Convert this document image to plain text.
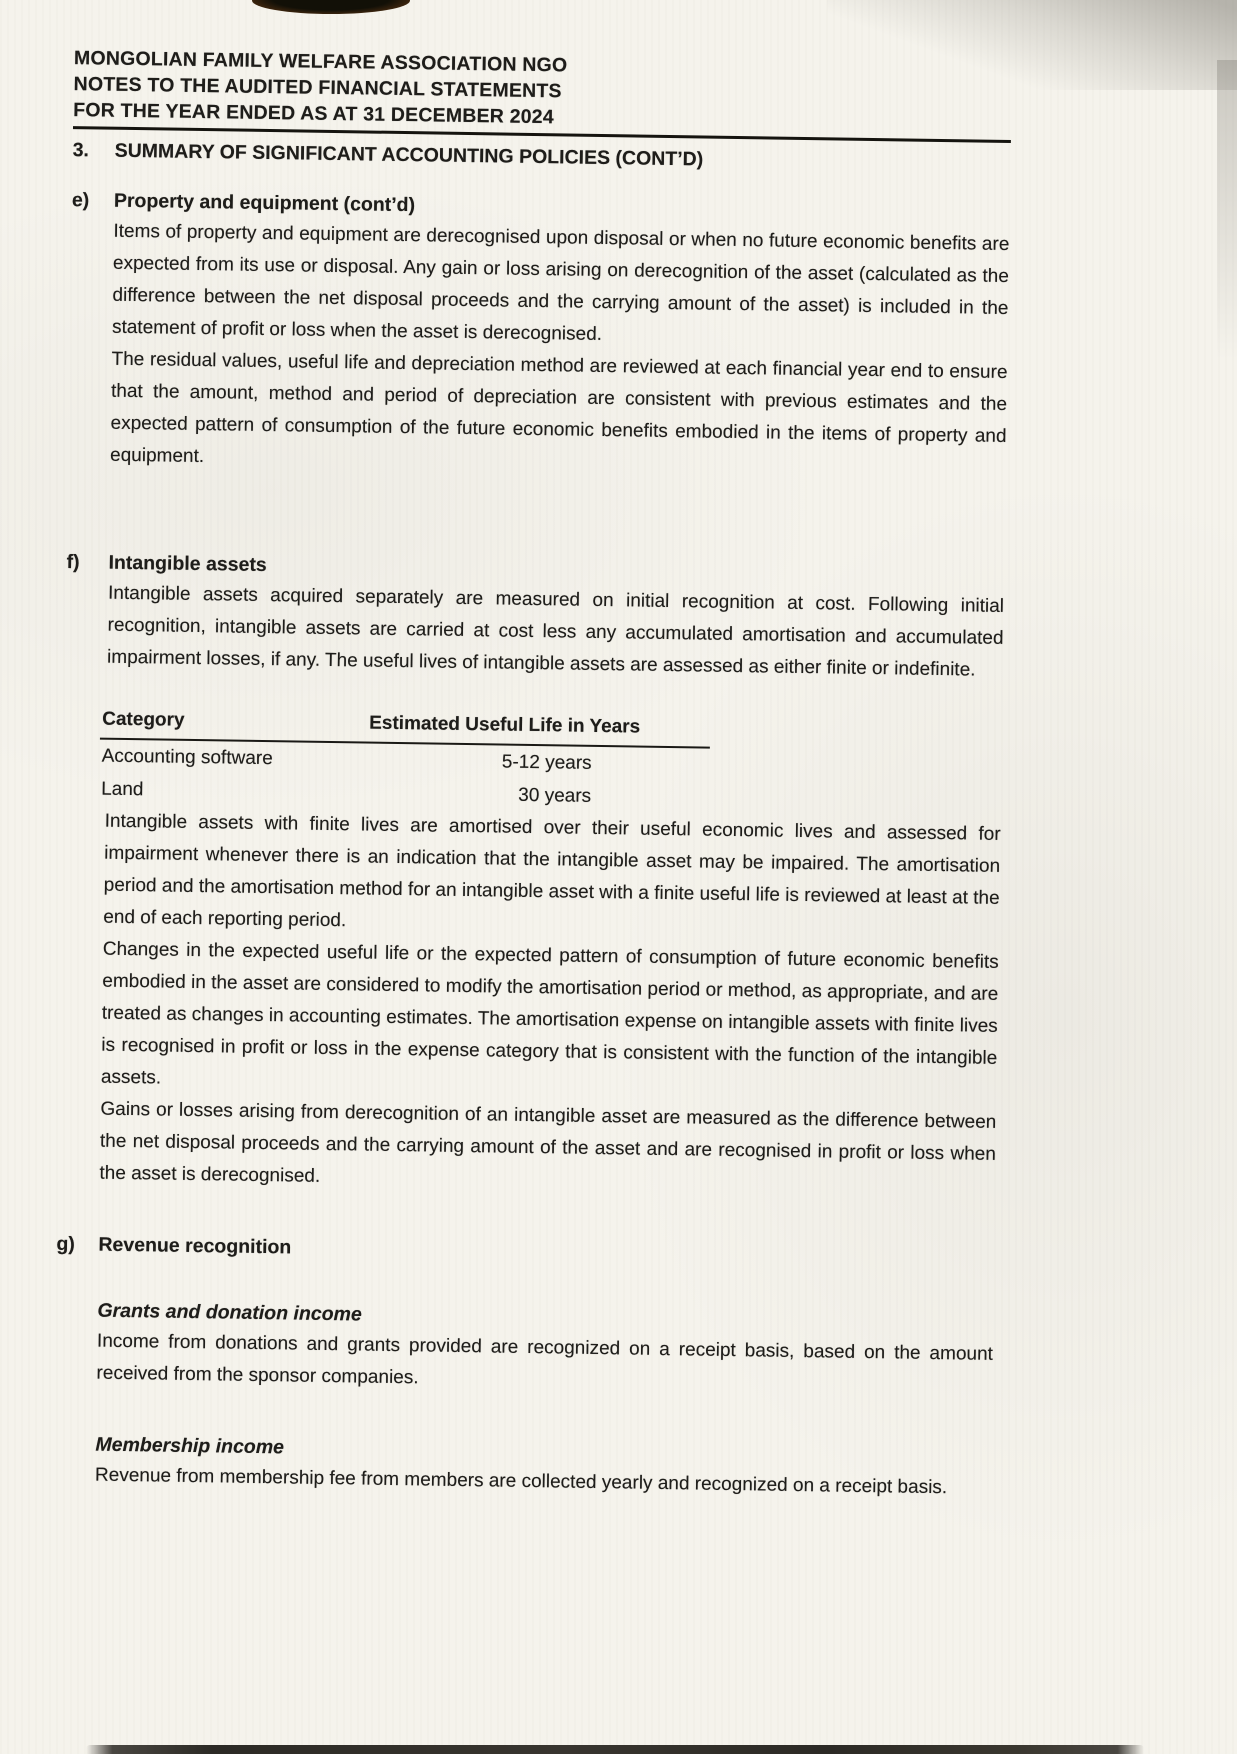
MONGOLIAN FAMILY WELFARE ASSOCIATION NGO
NOTES TO THE AUDITED FINANCIAL STATEMENTS
FOR THE YEAR ENDED AS AT 31 DECEMBER 2024
3.	SUMMARY OF SIGNIFICANT ACCOUNTING POLICIES (CONT’D)
e)	Property and equipment (cont’d)

Items of property and equipment are derecognised upon disposal or when no future economic benefits are expected from its use or disposal. Any gain or loss arising on derecognition of the asset (calculated as the difference between the net disposal proceeds and the carrying amount of the asset) is included in the statement of profit or loss when the asset is derecognised.

The residual values, useful life and depreciation method are reviewed at each financial year end to ensure that the amount, method and period of depreciation are consistent with previous estimates and the expected pattern of consumption of the future economic benefits embodied in the items of property and equipment.

f)	Intangible assets

Intangible assets acquired separately are measured on initial recognition at cost. Following initial recognition, intangible assets are carried at cost less any accumulated amortisation and accumulated impairment losses, if any. The useful lives of intangible assets are assessed as either finite or indefinite.

Category	Estimated Useful Life in Years
Accounting software	5-12 years
Land	30 years

Intangible assets with finite lives are amortised over their useful economic lives and assessed for impairment whenever there is an indication that the intangible asset may be impaired. The amortisation period and the amortisation method for an intangible asset with a finite useful life is reviewed at least at the end of each reporting period.

Changes in the expected useful life or the expected pattern of consumption of future economic benefits embodied in the asset are considered to modify the amortisation period or method, as appropriate, and are treated as changes in accounting estimates. The amortisation expense on intangible assets with finite lives is recognised in profit or loss in the expense category that is consistent with the function of the intangible assets.

Gains or losses arising from derecognition of an intangible asset are measured as the difference between the net disposal proceeds and the carrying amount of the asset and are recognised in profit or loss when the asset is derecognised.

g)	Revenue recognition
Grants and donation income

Income from donations and grants provided are recognized on a receipt basis, based on the amount received from the sponsor companies.

Membership income

Revenue from membership fee from members are collected yearly and recognized on a receipt basis.
